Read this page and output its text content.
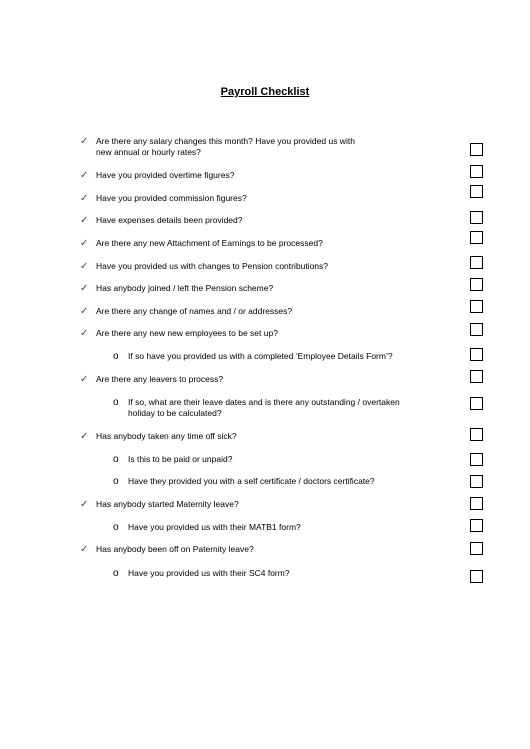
Payroll Checklist
✓ Are there any salary changes this month? Have you provided us with
new annual or hourly rates?
✓ Have you provided overtime figures?
✓ Have you provided commission figures?
✓ Have expenses details been provided?
✓ Are there any new Attachment of Earnings to be processed?
✓ Have you provided us with changes to Pension contributions?
✓ Has anybody joined / left the Pension scheme?
✓ Are there any change of names and / or addresses?
✓ Are there any new new employees to be set up?
o If so have you provided us with a completed ‘Employee Details Form’?
✓ Are there any leavers to process?
o If so, what are their leave dates and is there any outstanding / overtaken
holiday to be calculated?
✓ Has anybody taken any time off sick?
o Is this to be paid or unpaid?
o Have they provided you with a self certificate / doctors certificate?
✓ Has anybody started Maternity leave?
o Have you provided us with their MATB1 form?
✓ Has anybody been off on Paternity leave?
o Have you provided us with their SC4 form?
